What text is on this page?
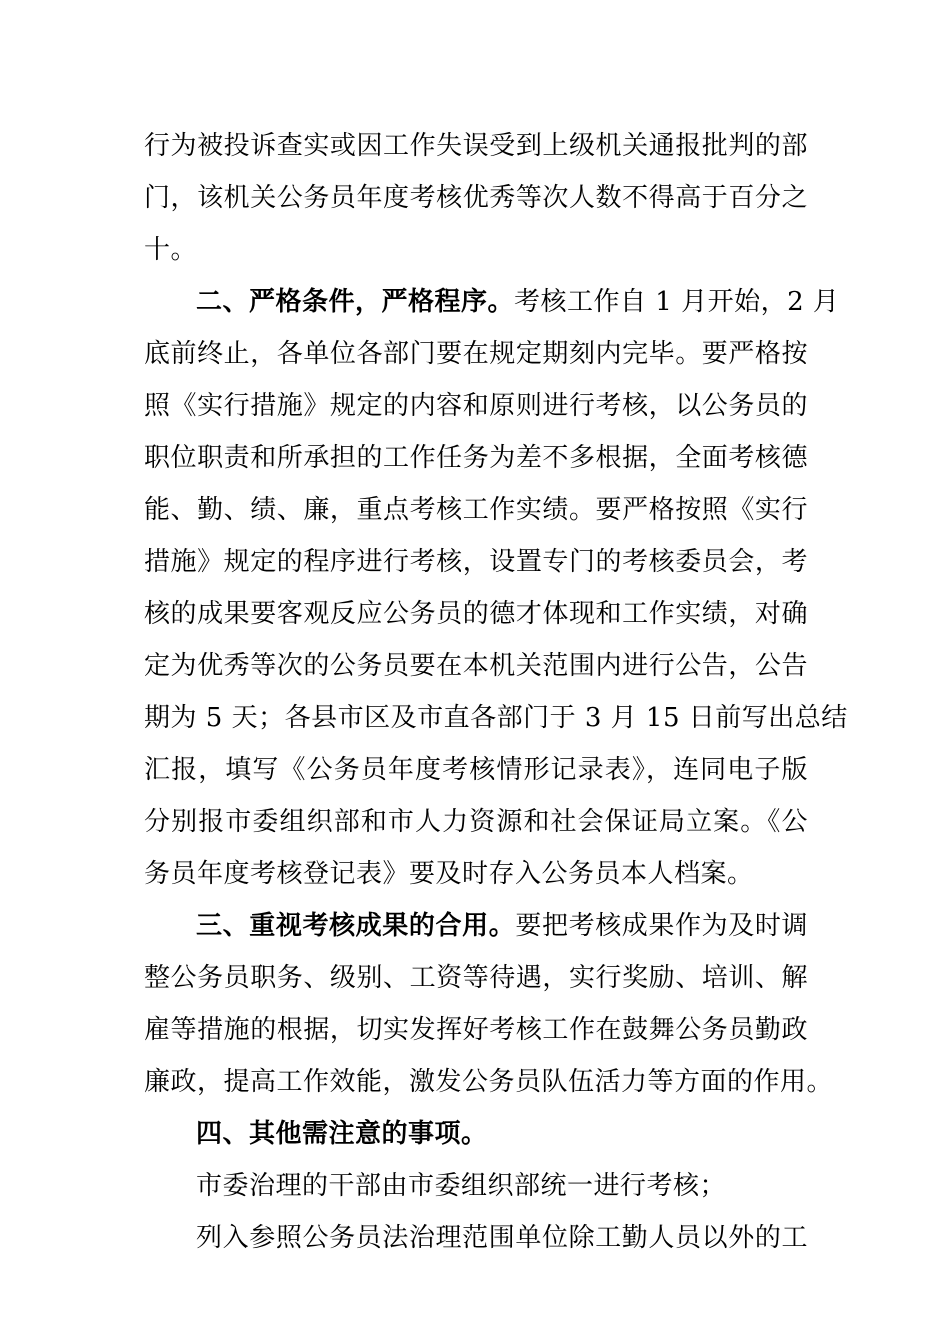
行为被投诉查实或因工作失误受到上级机关通报批判的部
门，该机关公务员年度考核优秀等次人数不得高于百分之
十。
二、严格条件，严格程序。考核工作自 1 月开始，2 月
底前终止，各单位各部门要在规定期刻内完毕。要严格按
照《实行措施》规定的内容和原则进行考核，以公务员的
职位职责和所承担的工作任务为差不多根据，全面考核德
能、勤、绩、廉，重点考核工作实绩。要严格按照《实行
措施》规定的程序进行考核，设置专门的考核委员会，考
核的成果要客观反应公务员的德才体现和工作实绩，对确
定为优秀等次的公务员要在本机关范围内进行公告，公告
期为 5 天；各县市区及市直各部门于 3 月 15 日前写出总结
汇报，填写《公务员年度考核情形记录表》，连同电子版
分别报市委组织部和市人力资源和社会保证局立案。《公
务员年度考核登记表》要及时存入公务员本人档案。
三、重视考核成果的合用。要把考核成果作为及时调
整公务员职务、级别、工资等待遇，实行奖励、培训、解
雇等措施的根据，切实发挥好考核工作在鼓舞公务员勤政
廉政，提高工作效能，激发公务员队伍活力等方面的作用。
四、其他需注意的事项。
市委治理的干部由市委组织部统一进行考核；
列入参照公务员法治理范围单位除工勤人员以外的工
